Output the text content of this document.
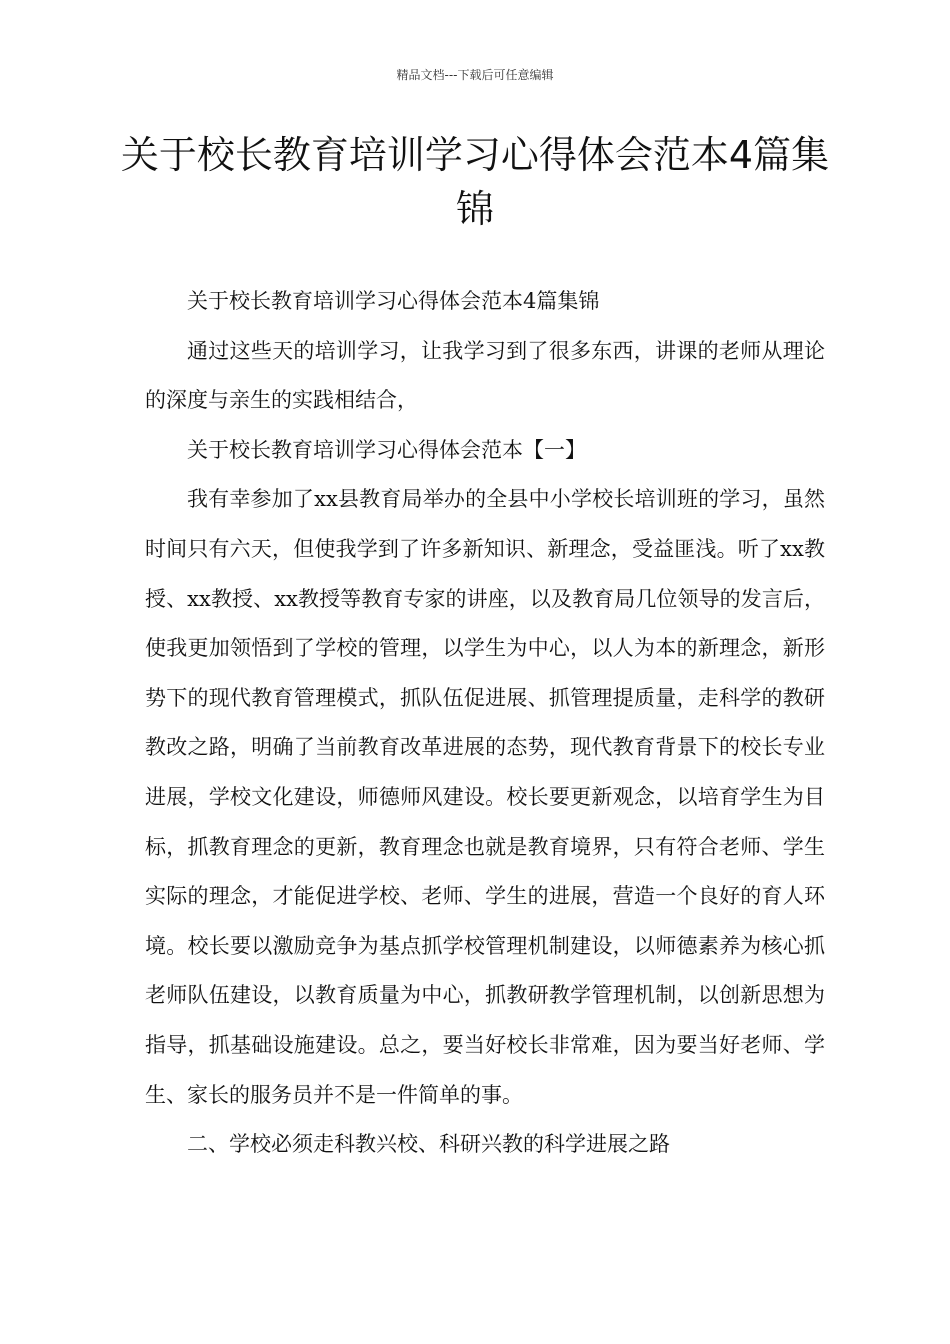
精品文档---下载后可任意编辑
关于校长教育培训学习心得体会范本4篇集锦

关于校长教育培训学习心得体会范本4篇集锦

通过这些天的培训学习，让我学习到了很多东西，讲课的老师从理论的深度与亲生的实践相结合，

关于校长教育培训学习心得体会范本【一】

我有幸参加了xx县教育局举办的全县中小学校长培训班的学习，虽然时间只有六天，但使我学到了许多新知识、新理念，受益匪浅。听了xx教授、xx教授、xx教授等教育专家的讲座，以及教育局几位领导的发言后，使我更加领悟到了学校的管理，以学生为中心，以人为本的新理念，新形势下的现代教育管理模式，抓队伍促进展、抓管理提质量，走科学的教研教改之路，明确了当前教育改革进展的态势，现代教育背景下的校长专业进展，学校文化建设，师德师风建设。校长要更新观念，以培育学生为目标，抓教育理念的更新，教育理念也就是教育境界，只有符合老师、学生实际的理念，才能促进学校、老师、学生的进展，营造一个良好的育人环境。校长要以激励竞争为基点抓学校管理机制建设，以师德素养为核心抓老师队伍建设，以教育质量为中心，抓教研教学管理机制，以创新思想为指导，抓基础设施建设。总之，要当好校长非常难，因为要当好老师、学生、家长的服务员并不是一件简单的事。

二、学校必须走科教兴校、科研兴教的科学进展之路
